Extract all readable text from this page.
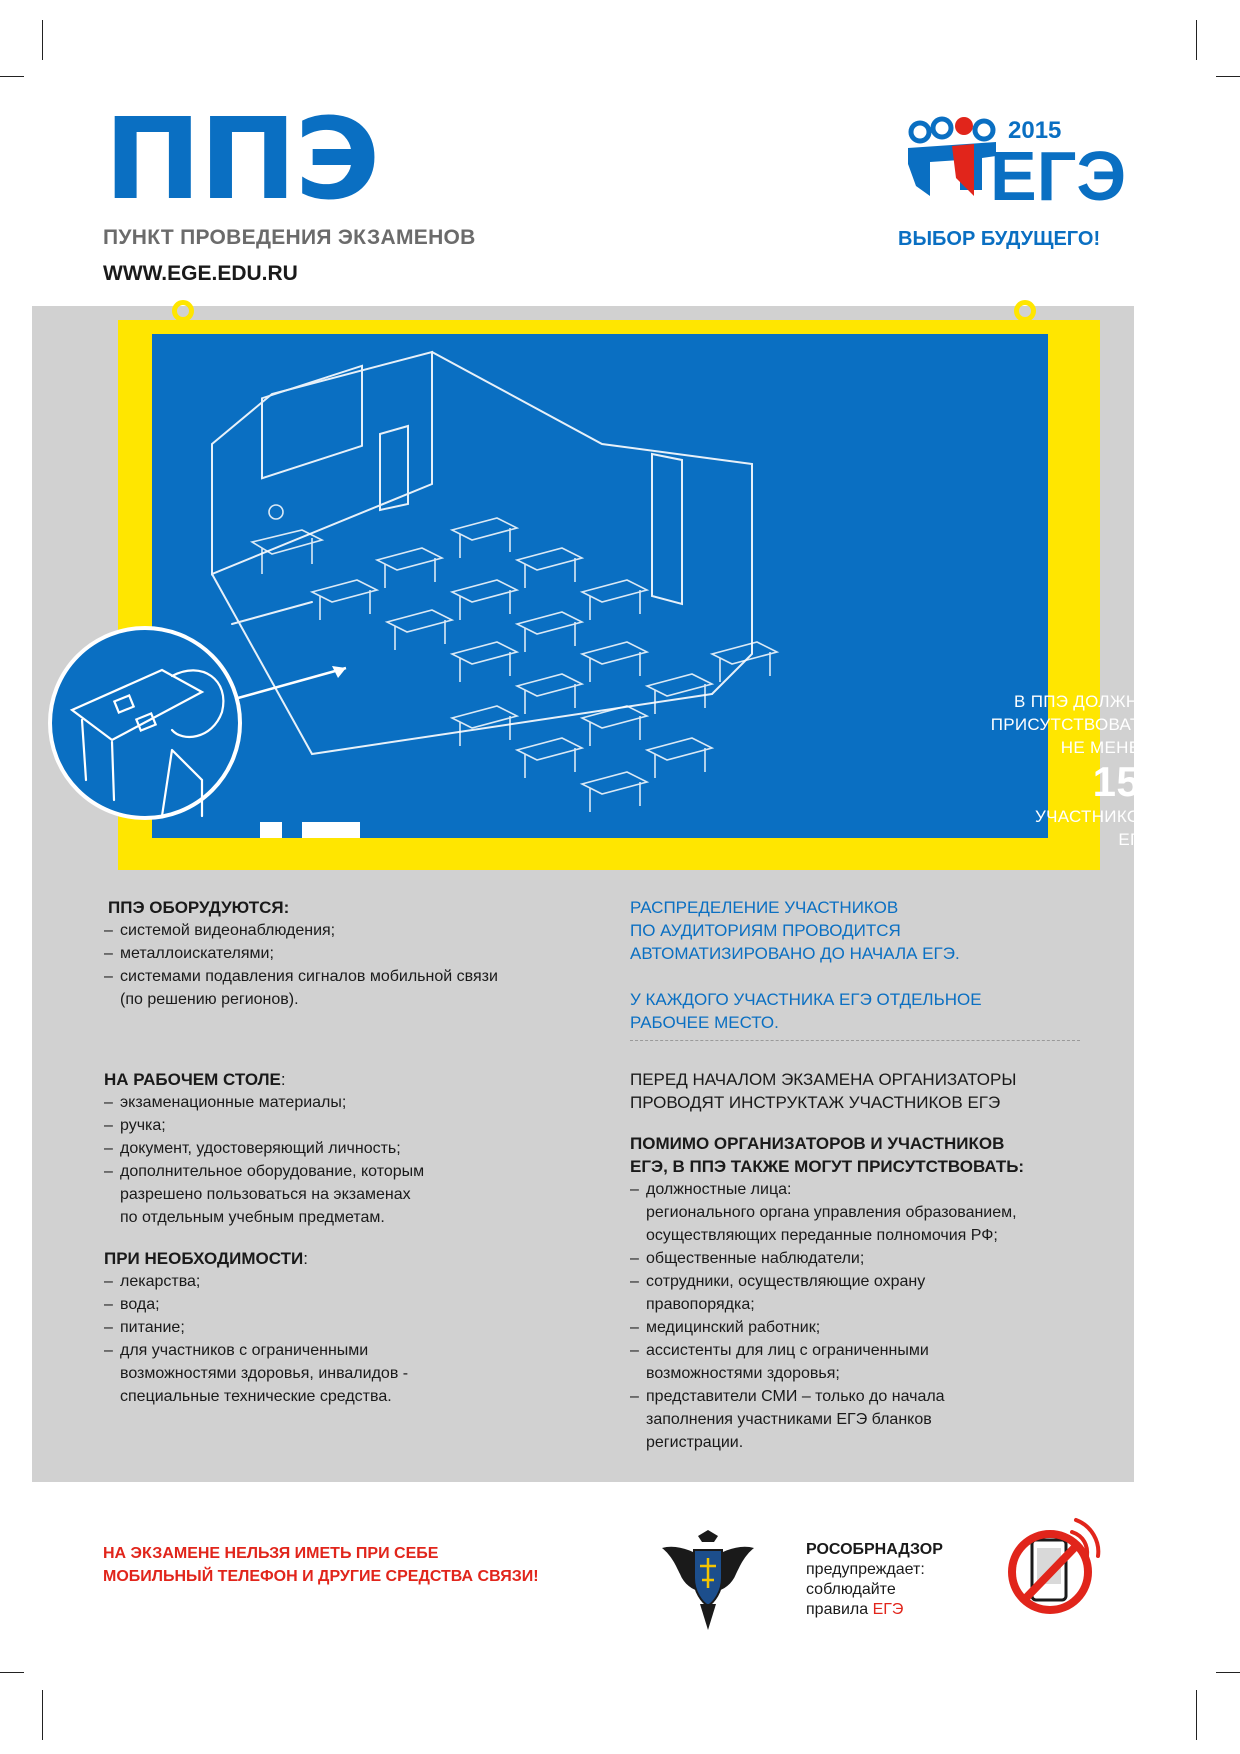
ППЭ
ПУНКТ ПРОВЕДЕНИЯ ЭКЗАМЕНОВ
WWW.EGE.EDU.RU
2015
ЕГЭ
ВЫБОР БУДУЩЕГО!
В ППЭ ДОЛЖНО
ПРИСУТСТВОВАТЬ
НЕ МЕНЕЕ
15
УЧАСТНИКОВ
ЕГЭ
ППЭ ОБОРУДУЮТСЯ:
– системой видеонаблюдения;
– металлоискателями;
– системами подавления сигналов мобильной связи
(по решению регионов).
РАСПРЕДЕЛЕНИЕ УЧАСТНИКОВ
ПО АУДИТОРИЯМ ПРОВОДИТСЯ
АВТОМАТИЗИРОВАНО ДО НАЧАЛА ЕГЭ.
У КАЖДОГО УЧАСТНИКА ЕГЭ ОТДЕЛЬНОЕ
РАБОЧЕЕ МЕСТО.
НА РАБОЧЕМ СТОЛЕ:
– экзаменационные материалы;
– ручка;
– документ, удостоверяющий личность;
– дополнительное оборудование, которым
разрешено пользоваться на экзаменах
по отдельным учебным предметам.
ПРИ НЕОБХОДИМОСТИ:
– лекарства;
– вода;
– питание;
– для участников с ограниченными
возможностями здоровья, инвалидов -
специальные технические средства.
ПЕРЕД НАЧАЛОМ ЭКЗАМЕНА ОРГАНИЗАТОРЫ
ПРОВОДЯТ ИНСТРУКТАЖ УЧАСТНИКОВ ЕГЭ
ПОМИМО ОРГАНИЗАТОРОВ И УЧАСТНИКОВ
ЕГЭ, В ППЭ ТАКЖЕ МОГУТ ПРИСУТСТВОВАТЬ:
– должностные лица:
регионального органа управления образованием,
осуществляющих переданные полномочия РФ;
– общественные наблюдатели;
– сотрудники, осуществляющие охрану
правопорядка;
– медицинский работник;
– ассистенты для лиц с ограниченными
возможностями здоровья;
– представители СМИ – только до начала
заполнения участниками ЕГЭ бланков
регистрации.
НА ЭКЗАМЕНЕ НЕЛЬЗЯ ИМЕТЬ ПРИ СЕБЕ
МОБИЛЬНЫЙ ТЕЛЕФОН И ДРУГИЕ СРЕДСТВА СВЯЗИ!
РОСОБРНАДЗОР
предупреждает:
соблюдайте
правила ЕГЭ
